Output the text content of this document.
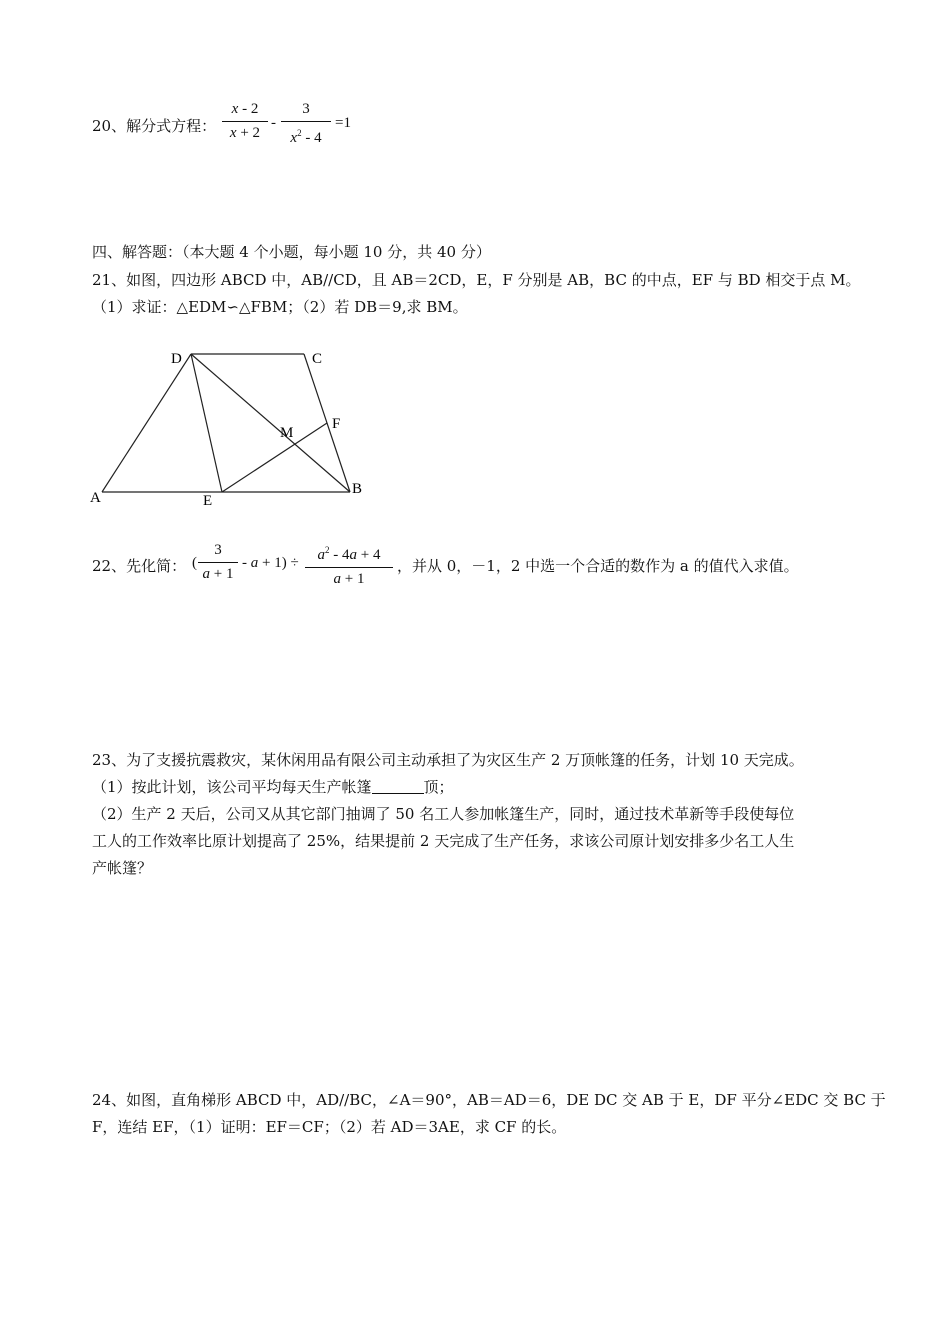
20、解分式方程：
x - 2
x + 2
-
3
$x^2 - 4$
=1
四、解答题：（本大题 4 个小题，每小题 10 分，共 40 分）
21、如图，四边形 ABCD 中，AB//CD，且 AB＝2CD，E，F 分别是 AB，BC 的中点，EF 与 BD 相交于点 M。
（1）求证：△EDM∽△FBM；（2）若 DB＝9,求 BM。
A
B
C
D
E
F
M
22、先化简： (
3
a + 1
- a + 1) ÷	$a^2 - 4a + 4$
a + 1
，并从 0，－1，2 中选一个合适的数作为 a 的值代入求值。
23、为了支援抗震救灾，某休闲用品有限公司主动承担了为灾区生产 2 万顶帐篷的任务，计划 10 天完成。
（1）按此计划，该公司平均每天生产帐篷	顶；
（2）生产 2 天后，公司又从其它部门抽调了 50 名工人参加帐篷生产，同时，通过技术革新等手段使每位
工人的工作效率比原计划提高了 25%，结果提前 2 天完成了生产任务，求该公司原计划安排多少名工人生
产帐篷？
24、如图，直角梯形 ABCD 中，AD//BC，∠A＝90°，AB＝AD＝6，DE DC 交 AB 于 E，DF 平分∠EDC 交 BC 于
F，连结 EF，（1）证明：EF＝CF；（2）若 AD＝3AE，求 CF 的长。
